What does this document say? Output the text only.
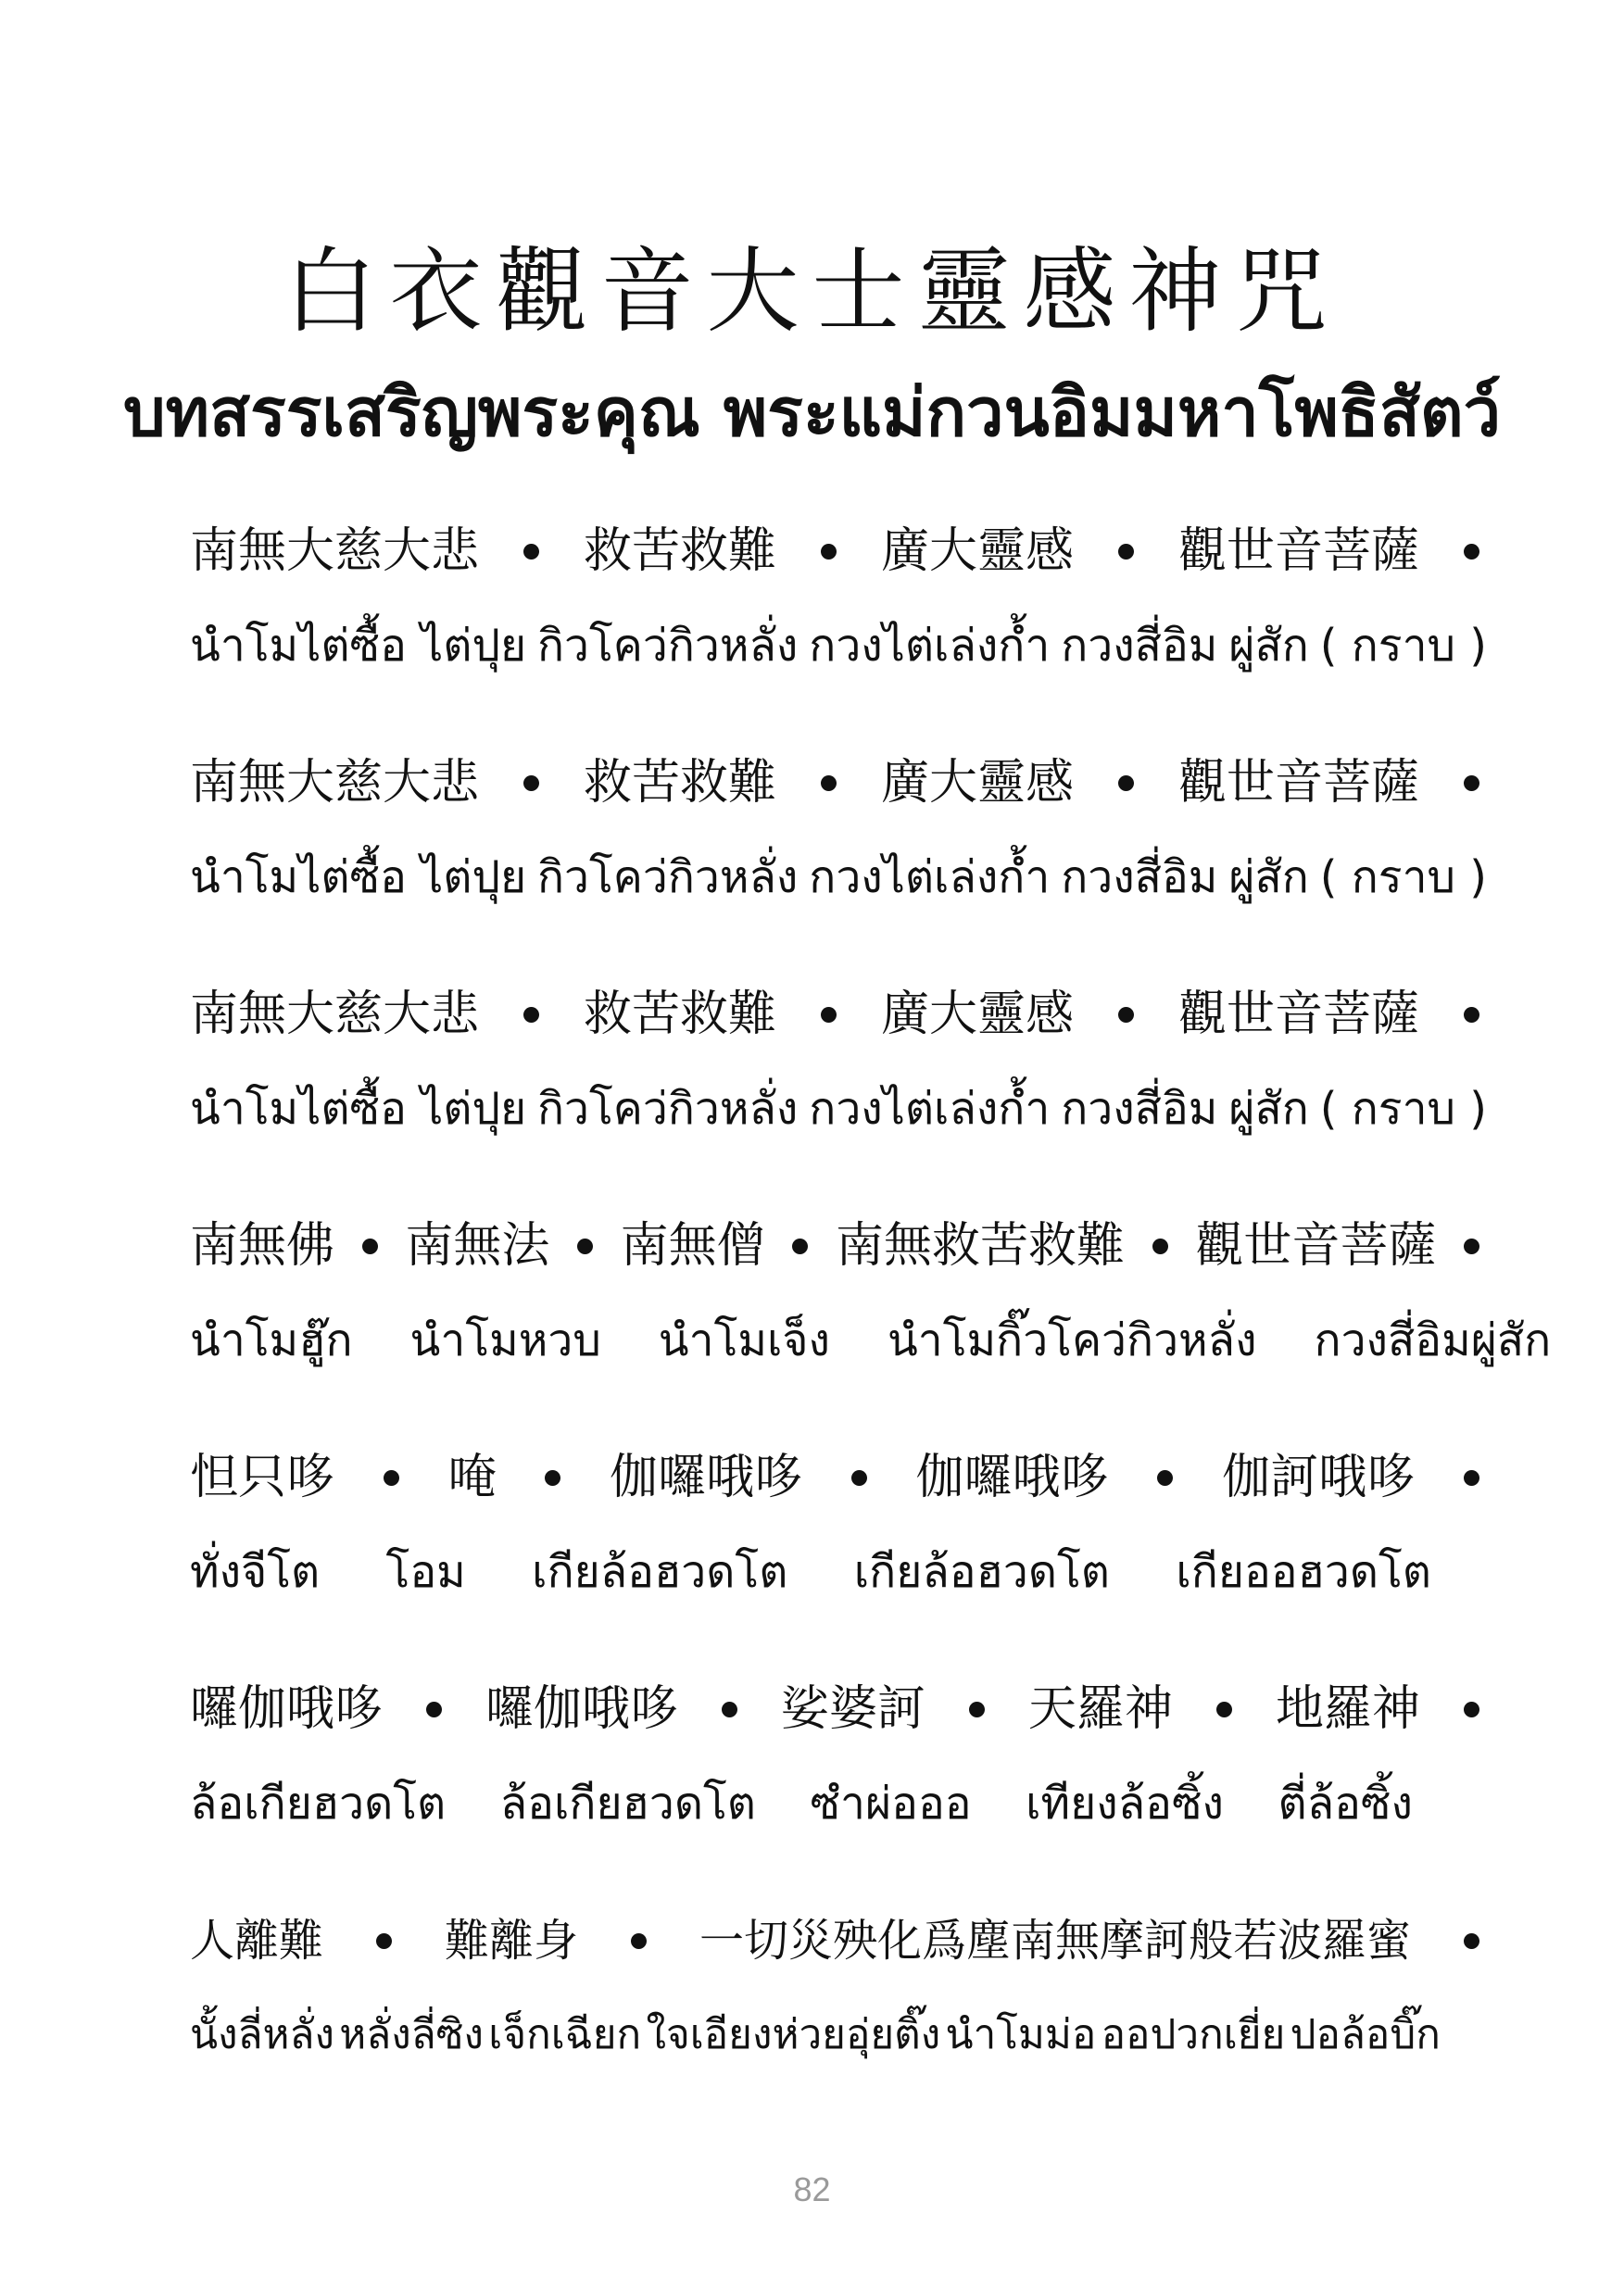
白衣觀音大士靈感神咒
บทสรรเสริญพระคุณ พระแม่กวนอิมมหาโพธิสัตว์
南無大慈大悲 救苦救難 廣大靈感 觀世音菩薩
นำโมไต่ซื้อ ไต่ปุย กิวโคว่กิวหลั่ง กวงไต่เล่งก้ำ กวงสี่อิม ผู่สัก ( กราบ )
南無大慈大悲 救苦救難 廣大靈感 觀世音菩薩
นำโมไต่ซื้อ ไต่ปุย กิวโคว่กิวหลั่ง กวงไต่เล่งก้ำ กวงสี่อิม ผู่สัก ( กราบ )
南無大慈大悲 救苦救難 廣大靈感 觀世音菩薩
นำโมไต่ซื้อ ไต่ปุย กิวโคว่กิวหลั่ง กวงไต่เล่งก้ำ กวงสี่อิม ผู่สัก ( กราบ )
南無佛 南無法 南無僧 南無救苦救難 觀世音菩薩
นำโมฮู๊ก นำโมหวบ นำโมเจ็ง นำโมกิ๊วโคว่กิวหลั่ง กวงสี่อิมผู่สัก
怛只哆 唵 伽囉哦哆 伽囉哦哆 伽訶哦哆
ทั่งจีโต โอม เกียล้อฮวดโต เกียล้อฮวดโต เกียออฮวดโต
囉伽哦哆 囉伽哦哆 娑婆訶 天羅神 地羅神
ล้อเกียฮวดโต ล้อเกียฮวดโต ซำผ่อออ เทียงล้อซิ้ง ตี่ล้อซิ้ง
人離難	難離身	一切災殃化爲塵南無摩訶般若波羅蜜
นั้งลี่หลั่ง หลั่งลี่ซิง เจ็กเฉียก ใจเอียงห่วยอุ่ยติ๊ง นำโมม่อ ออปวกเยี่ย ปอล้อบิ๊ก
82
